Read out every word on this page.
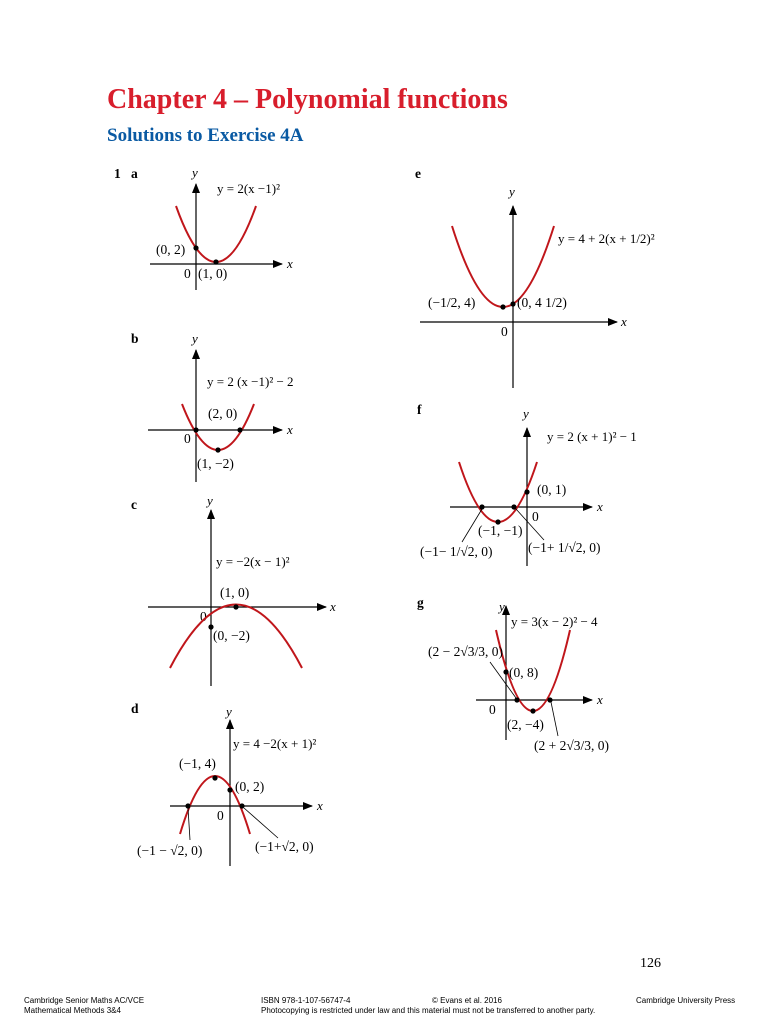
Chapter 4 – Polynomial functions
Solutions to Exercise 4A
1 a
x
y
0
y = 2(x −1)²
(0, 2)
(1, 0)
b
x
y
0
y = 2 (x −1)² − 2
(2, 0)
(1, −2)
c
x
y
0
y = −2(x − 1)²
(1, 0)
(0, −2)
d
x
y
0
y = 4 −2(x + 1)²
(−1, 4)
(0, 2)
(−1 − √2, 0)	(−1+√2, 0)
e
x
y
0
y = 4 + 2(x + 1/2)²
(−1/2, 4)	(0, 4 1/2)
f
x
y
0
y = 2 (x + 1)² − 1
(0, 1)
(−1, −1)
(−1− 1/√2, 0)	(−1+ 1/√2, 0)
g
x
y
0
y = 3(x − 2)² − 4
(2 − 2√3/3, 0)
(0, 8)
(2, −4)
(2 + 2√3/3, 0)
126
Cambridge Senior Maths AC/VCE
Mathematical Methods 3&4
ISBN 978-1-107-56747-4
Photocopying is restricted under law and this material must not be transferred to another party.
© Evans et al. 2016	Cambridge University Press
